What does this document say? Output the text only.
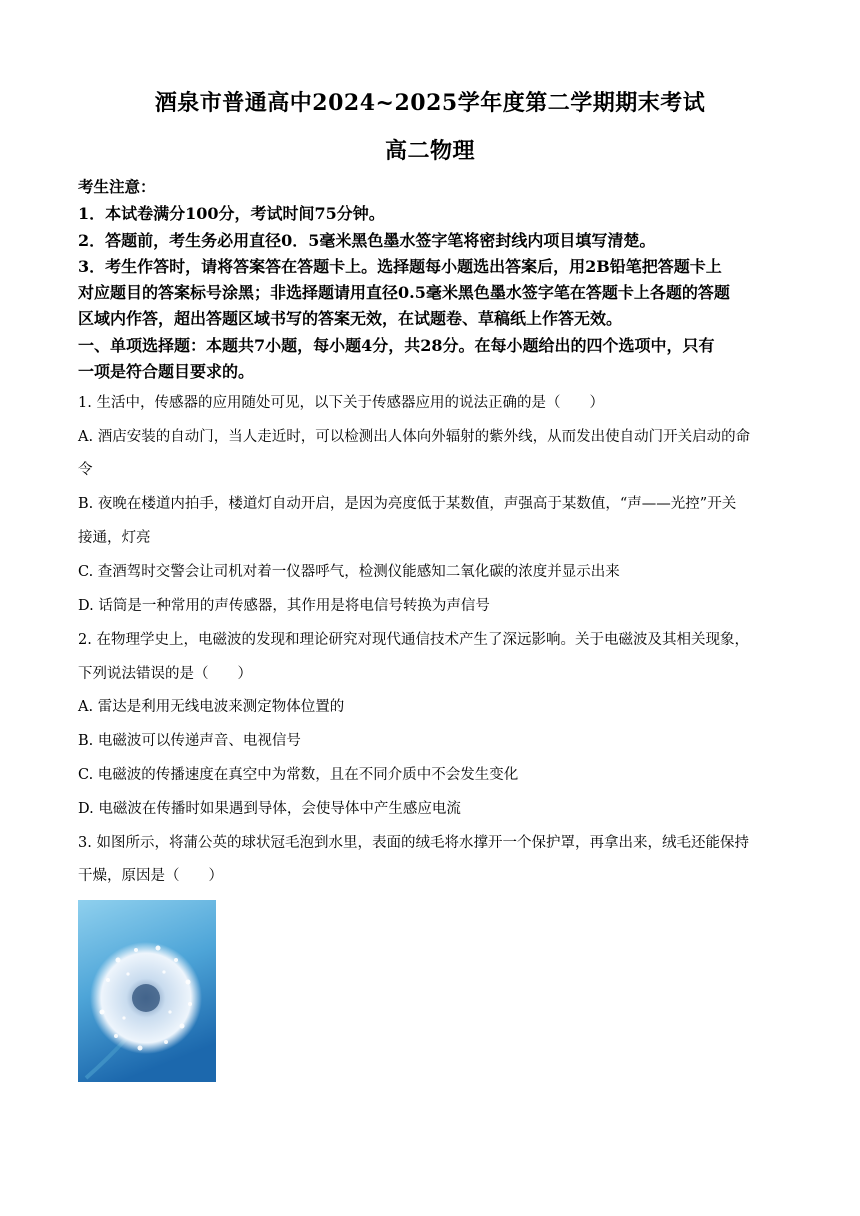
酒泉市普通高中2024~2025学年度第二学期期末考试
高二物理
考生注意：
1．本试卷满分100分，考试时间75分钟。
2．答题前，考生务必用直径0．5毫米黑色墨水签字笔将密封线内项目填写清楚。
3．考生作答时，请将答案答在答题卡上。选择题每小题选出答案后，用2B铅笔把答题卡上
对应题目的答案标号涂黑；非选择题请用直径0.5毫米黑色墨水签字笔在答题卡上各题的答题
区域内作答，超出答题区域书写的答案无效，在试题卷、草稿纸上作答无效。
一、单项选择题：本题共7小题，每小题4分，共28分。在每小题给出的四个选项中，只有
一项是符合题目要求的。
1. 生活中，传感器的应用随处可见，以下关于传感器应用的说法正确的是（　　）
A. 酒店安装的自动门，当人走近时，可以检测出人体向外辐射的紫外线，从而发出使自动门开关启动的命
令
B. 夜晚在楼道内拍手，楼道灯自动开启，是因为亮度低于某数值，声强高于某数值，“声——光控”开关
接通，灯亮
C. 查酒驾时交警会让司机对着一仪器呼气，检测仪能感知二氧化碳的浓度并显示出来
D. 话筒是一种常用的声传感器，其作用是将电信号转换为声信号
2. 在物理学史上，电磁波的发现和理论研究对现代通信技术产生了深远影响。关于电磁波及其相关现象，
下列说法错误的是（　　）
A. 雷达是利用无线电波来测定物体位置的
B. 电磁波可以传递声音、电视信号
C. 电磁波的传播速度在真空中为常数，且在不同介质中不会发生变化
D. 电磁波在传播时如果遇到导体，会使导体中产生感应电流
3. 如图所示，将蒲公英的球状冠毛泡到水里，表面的绒毛将水撑开一个保护罩，再拿出来，绒毛还能保持
干燥，原因是（　　）
